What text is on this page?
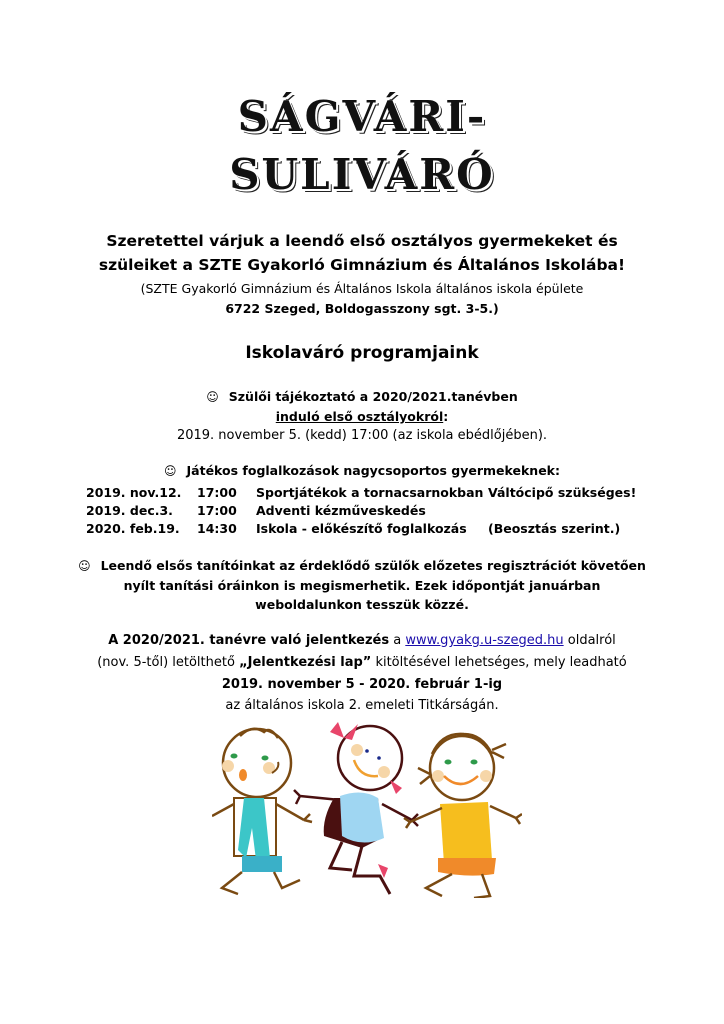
SÁGVÁRI-
SULIVÁRÓ
Szeretettel várjuk a leendő első osztályos gyermekeket és
szüleiket a SZTE Gyakorló Gimnázium és Általános Iskolába!
(SZTE Gyakorló Gimnázium és Általános Iskola általános iskola épülete
6722 Szeged, Boldogasszony sgt. 3-5.)
Iskolaváró programjaink
☺ Szülői tájékoztató a 2020/2021.tanévben
induló első osztályokról:
2019. november 5. (kedd) 17:00 (az iskola ebédlőjében).
☺ Játékos foglalkozások nagycsoportos gyermekeknek:
2019. nov.12. 17:00 Sportjátékok a tornacsarnokban Váltócipő szükséges!
2019. dec.3. 17:00 Adventi kézműveskedés
2020. feb.19. 14:30 Iskola - előkészítő foglalkozás (Beosztás szerint.)
☺ Leendő elsős tanítóinkat az érdeklődő szülők előzetes regisztrációt követően
nyílt tanítási óráinkon is megismerhetik. Ezek időpontját januárban
weboldalunkon tesszük közzé.
A 2020/2021. tanévre való jelentkezés a www.gyakg.u-szeged.hu oldalról
(nov. 5-től) letölthető „Jelentkezési lap” kitöltésével lehetséges, mely leadható
2019. november 5 - 2020. február 1-ig
az általános iskola 2. emeleti Titkárságán.
